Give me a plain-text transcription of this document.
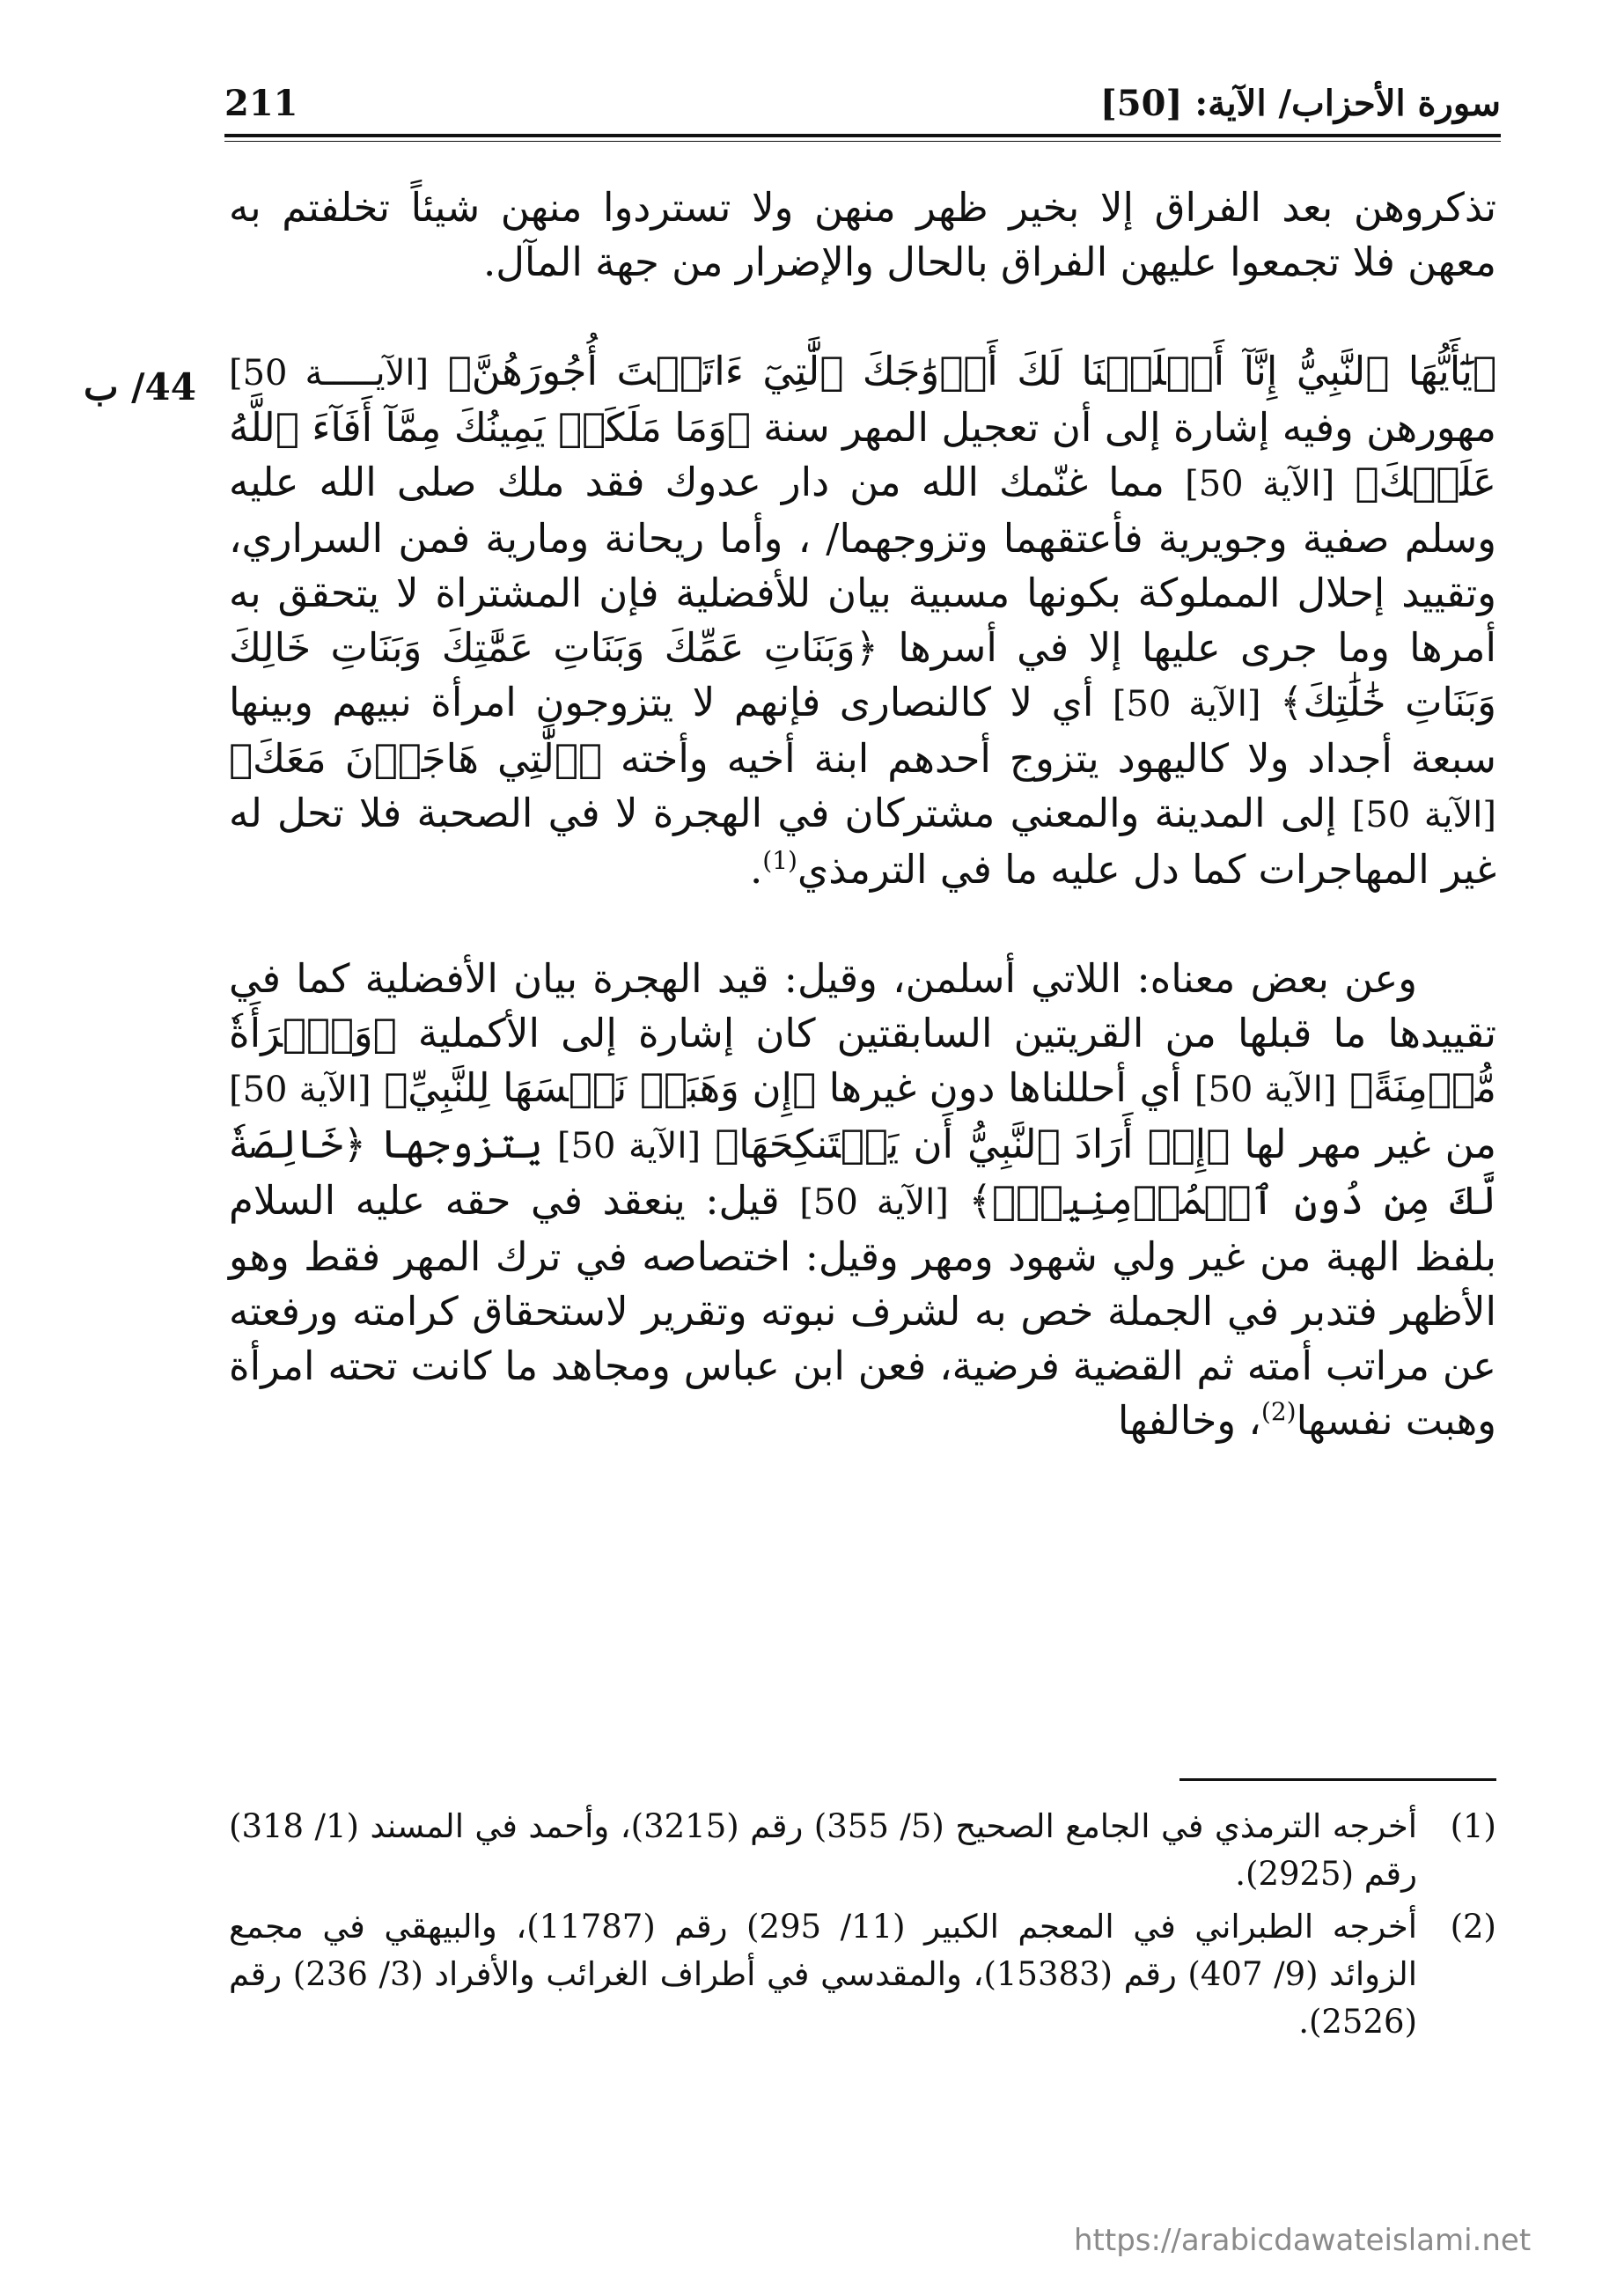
سورة الأحزاب/ الآية: [50]
211
44/ ب

تذكروهن بعد الفراق إلا بخير ظهر منهن ولا تستردوا منهن شيئاً تخلفتم به معهن فلا تجمعوا عليهن الفراق بالحال والإضرار من جهة المآل.

﴿يَٰٓأَيُّهَا ٱلنَّبِيُّ إِنَّآ أَحۡلَلۡنَا لَكَ أَزۡوَٰجَكَ ٱلَّٰتِيٓ ءَاتَيۡتَ أُجُورَهُنَّ﴾ [الآيـــــة 50] مهورهن وفيه إشارة إلى أن تعجيل المهر سنة ﴿وَمَا مَلَكَتۡ يَمِينُكَ مِمَّآ أَفَآءَ ٱللَّهُ عَلَيۡكَ﴾ [الآية 50] مما غنّمك الله من دار عدوك فقد ملك صلى الله عليه وسلم صفية وجويرية فأعتقهما وتزوجهما/ ، وأما ريحانة ومارية فمن السراري، وتقييد إحلال المملوكة بكونها مسبية بيان للأفضلية فإن المشتراة لا يتحقق به أمرها وما جرى عليها إلا في أسرها ﴿وَبَنَاتِ عَمِّكَ وَبَنَاتِ عَمَّٰتِكَ وَبَنَاتِ خَالِكَ وَبَنَاتِ خَٰلَٰتِكَ﴾ [الآية 50] أي لا كالنصارى فإنهم لا يتزوجون امرأة نبيهم وبينها سبعة أجداد ولا كاليهود يتزوج أحدهم ابنة أخيه وأخته ﴿ٱلَّٰتِي هَاجَرۡنَ مَعَكَ﴾ [الآية 50] إلى المدينة والمعني مشتركان في الهجرة لا في الصحبة فلا تحل له غير المهاجرات كما دل عليه ما في الترمذي$^{(1)}$.

وعن بعض معناه: اللاتي أسلمن، وقيل: قيد الهجرة بيان الأفضلية كما في تقييدها ما قبلها من القريتين السابقتين كان إشارة إلى الأكملية ﴿وَٱمۡرَأَةٗ مُّؤۡمِنَةً﴾ [الآية 50] أي أحللناها دون غيرها ﴿إِن وَهَبَتۡ نَفۡسَهَا لِلنَّبِيِّ﴾ [الآية 50] من غير مهر لها ﴿إِنۡ أَرَادَ ٱلنَّبِيُّ أَن يَسۡتَنكِحَهَا﴾ [الآية 50] يتزوجها ﴿خَالِصَةٗ لَّكَ مِن دُونِ ٱلۡمُؤۡمِنِينَۗ﴾ [الآية 50] قيل: ينعقد في حقه عليه السلام بلفظ الهبة من غير ولي شهود ومهر وقيل: اختصاصه في ترك المهر فقط وهو الأظهر فتدبر في الجملة خص به لشرف نبوته وتقرير لاستحقاق كرامته ورفعته عن مراتب أمته ثم القضية فرضية، فعن ابن عباس ومجاهد ما كانت تحته امرأة وهبت نفسها$^{(2)}$، وخالفها

(1)
أخرجه الترمذي في الجامع الصحيح (5/ 355) رقم (3215)، وأحمد في المسند (1/ 318) رقم (2925).
(2)
أخرجه الطبراني في المعجم الكبير (11/ 295) رقم (11787)، والبيهقي في مجمع الزوائد (9/ 407) رقم (15383)، والمقدسي في أطراف الغرائب والأفراد (3/ 236) رقم (2526).
https://arabicdawateislami.net
